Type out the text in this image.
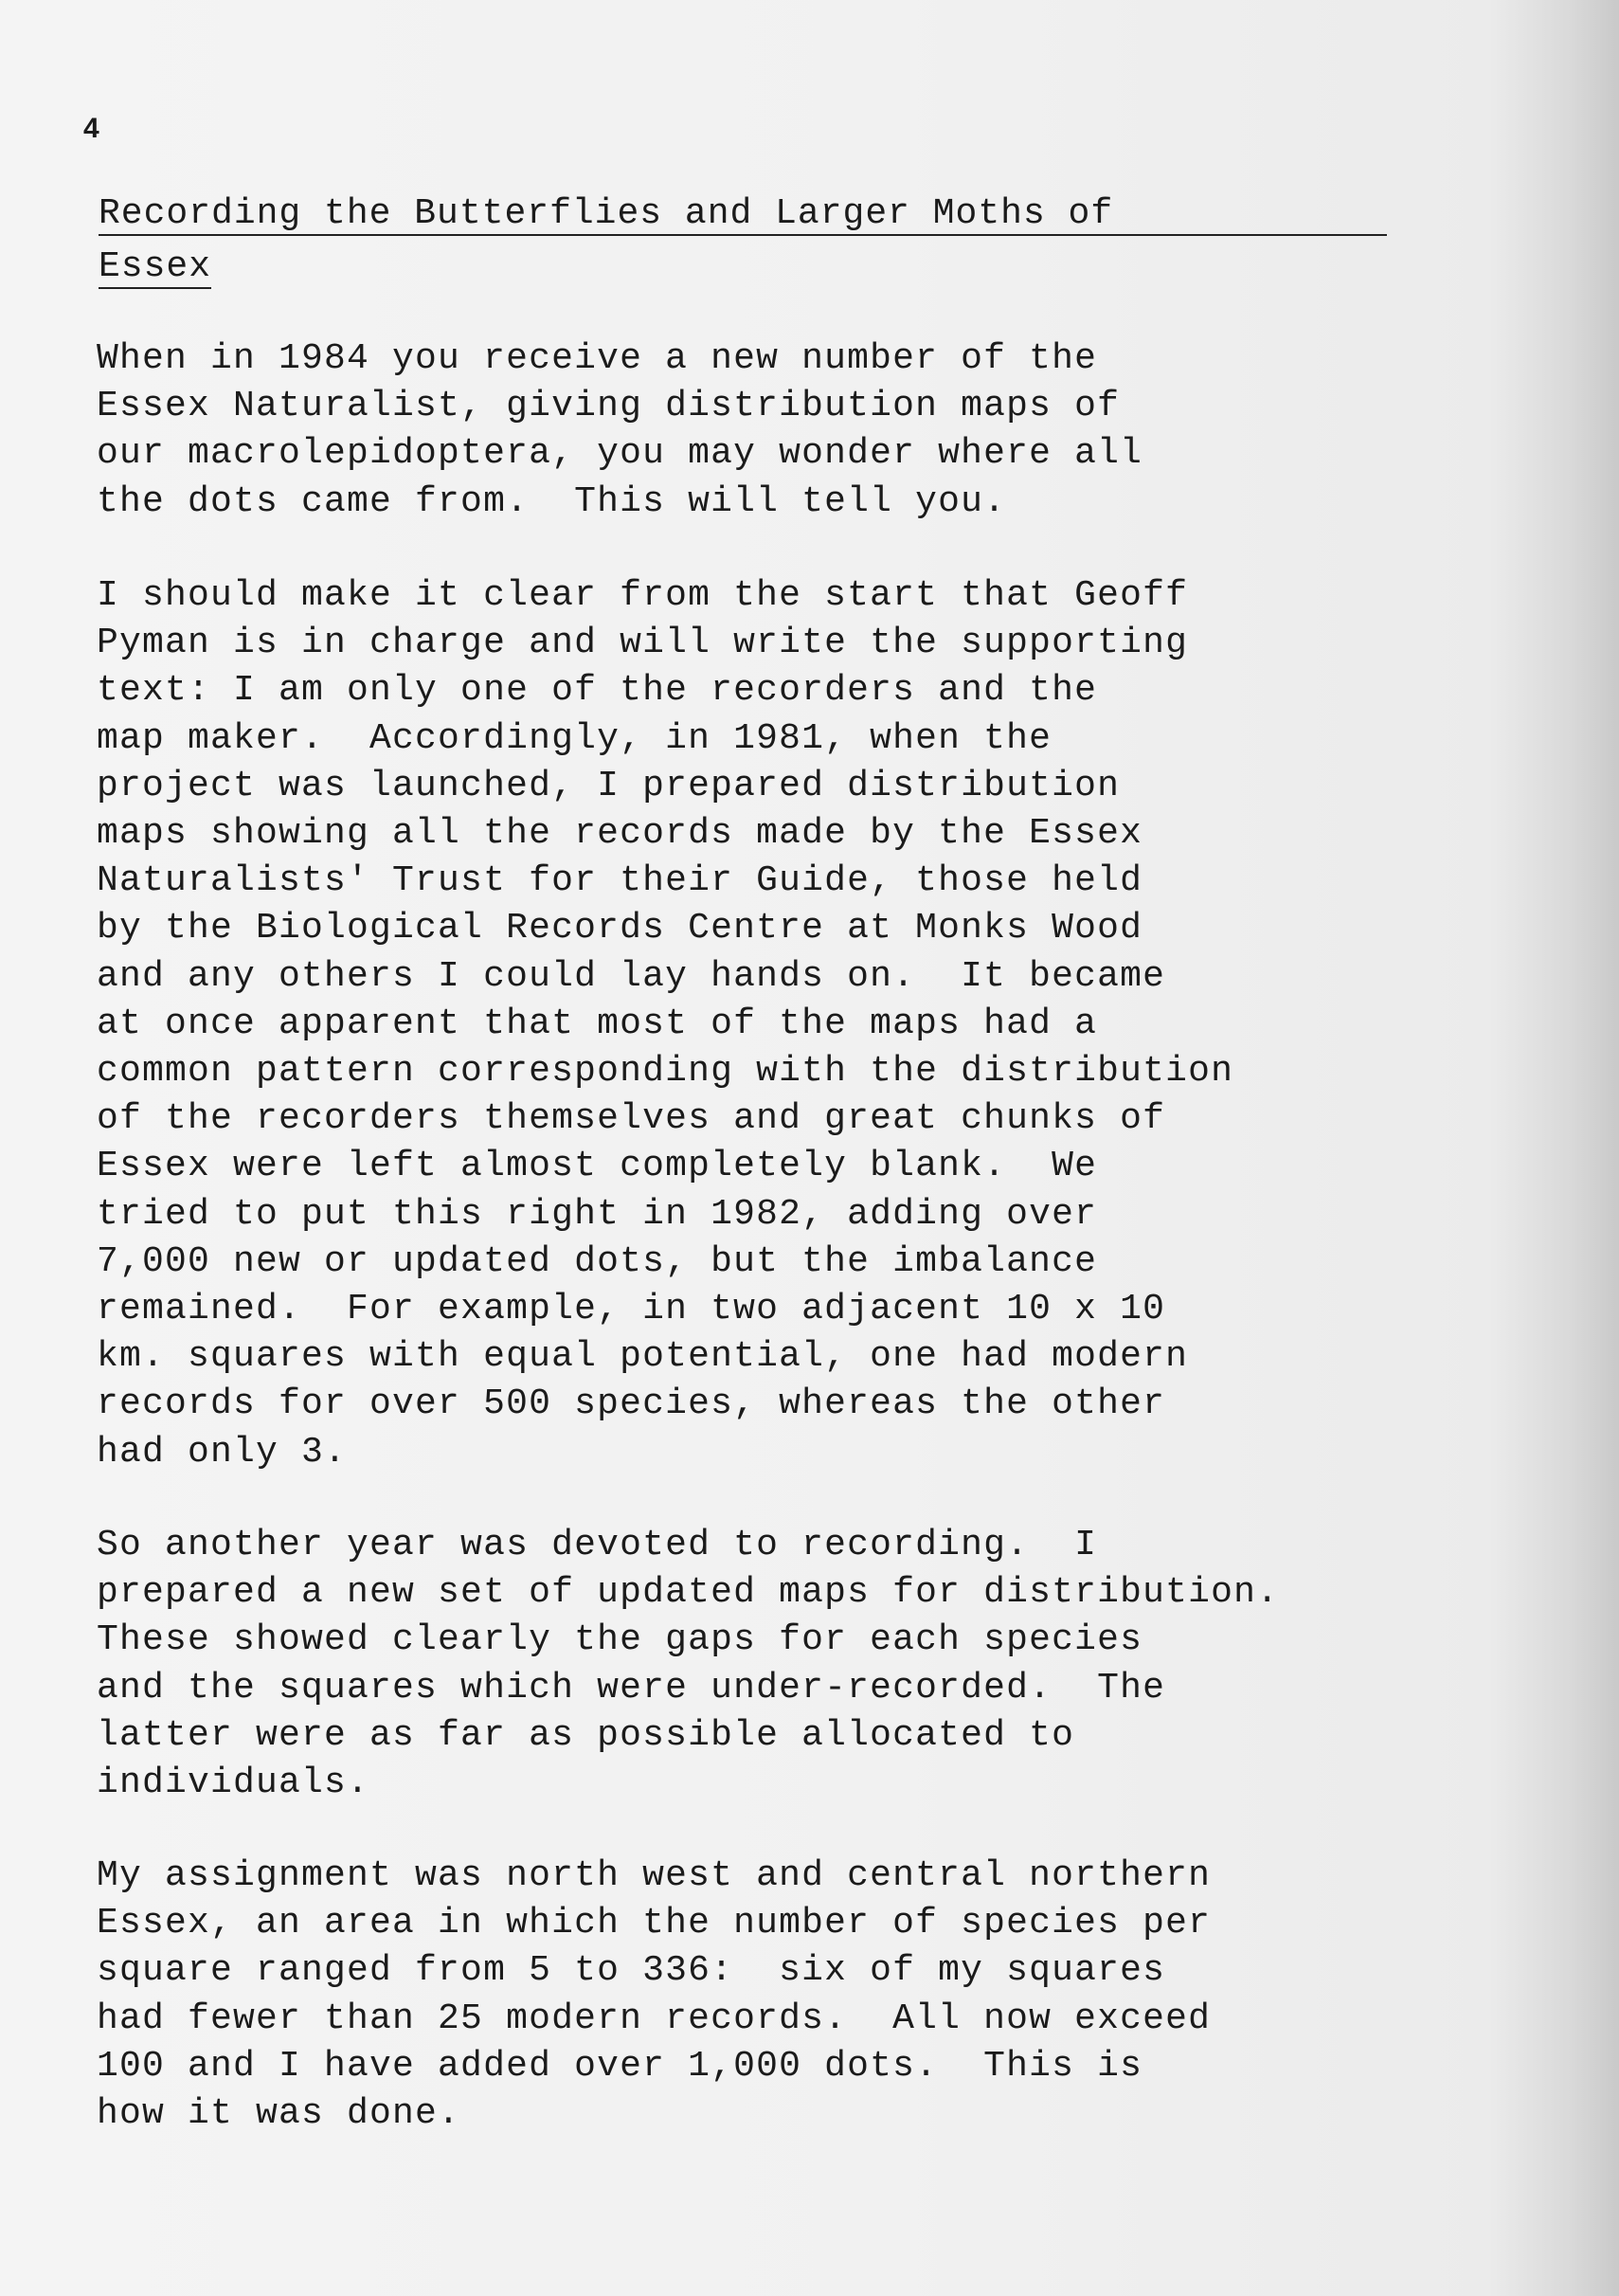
4
Recording the Butterflies and Larger Moths of
Essex

When in 1984 you receive a new number of the
Essex Naturalist, giving distribution maps of
our macrolepidoptera, you may wonder where all
the dots came from.  This will tell you.

I should make it clear from the start that Geoff
Pyman is in charge and will write the supporting
text: I am only one of the recorders and the
map maker.  Accordingly, in 1981, when the
project was launched, I prepared distribution
maps showing all the records made by the Essex
Naturalists' Trust for their Guide, those held
by the Biological Records Centre at Monks Wood
and any others I could lay hands on.  It became
at once apparent that most of the maps had a
common pattern corresponding with the distribution
of the recorders themselves and great chunks of
Essex were left almost completely blank.  We
tried to put this right in 1982, adding over
7,000 new or updated dots, but the imbalance
remained.  For example, in two adjacent 10 x 10
km. squares with equal potential, one had modern
records for over 500 species, whereas the other
had only 3.

So another year was devoted to recording.  I
prepared a new set of updated maps for distribution.
These showed clearly the gaps for each species
and the squares which were under-recorded.  The
latter were as far as possible allocated to
individuals.

My assignment was north west and central northern
Essex, an area in which the number of species per
square ranged from 5 to 336:  six of my squares
had fewer than 25 modern records.  All now exceed
100 and I have added over 1,000 dots.  This is
how it was done.
